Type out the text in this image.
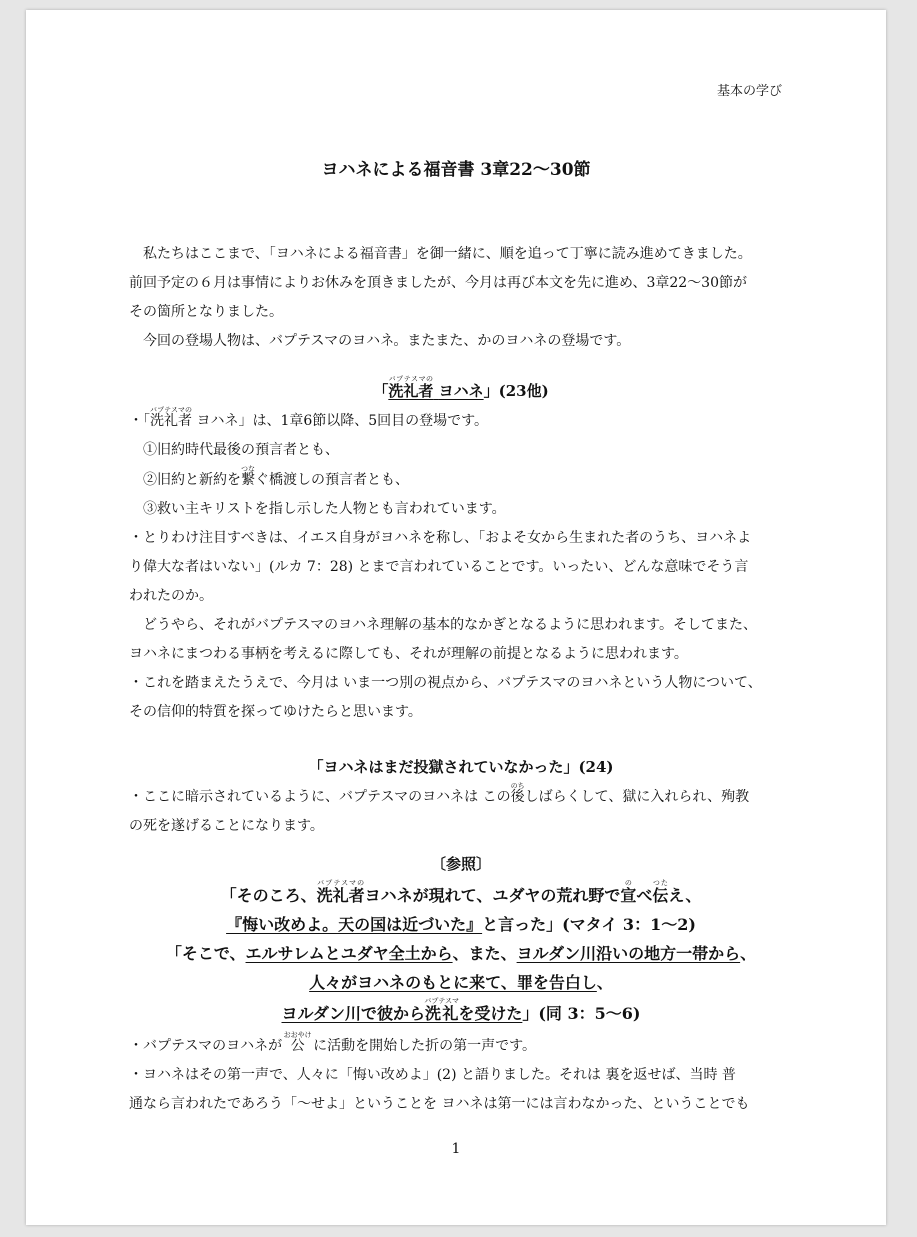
基本の学び
ヨハネによる福音書 3章22〜30節
　私たちはここまで、「ヨハネによる福音書」を御一緒に、順を追って丁寧に読み進めてきました。
前回予定の６月は事情によりお休みを頂きましたが、今月は再び本文を先に進め、3章22〜30節が
その箇所となりました。
　今回の登場人物は、バプテスマのヨハネ。またまた、かのヨハネの登場です。
「洗礼者バプテスマの ヨハネ」(23他)
・「洗礼者バプテスマの ヨハネ」は、1章6節以降、5回目の登場です。
①旧約時代最後の預言者とも、
②旧約と新約を繋つなぐ橋渡しの預言者とも、
③救い主キリストを指し示した人物とも言われています。
・とりわけ注目すべきは、イエス自身がヨハネを称し、「およそ女から生まれた者のうち、ヨハネよ
り偉大な者はいない」(ルカ 7：28) とまで言われていることです。いったい、どんな意味でそう言
われたのか。
　どうやら、それがバプテスマのヨハネ理解の基本的なかぎとなるように思われます。そしてまた、
ヨハネにまつわる事柄を考えるに際しても、それが理解の前提となるように思われます。
・これを踏まえたうえで、今月は いま一つ別の視点から、バプテスマのヨハネという人物について、
その信仰的特質を探ってゆけたらと思います。
「ヨハネはまだ投獄されていなかった」(24)
・ここに暗示されているように、バプテスマのヨハネは この後のちしばらくして、獄に入れられ、殉教
の死を遂げることになります。
〔参照〕
「そのころ、洗礼者バプテスマのヨハネが現れて、ユダヤの荒れ野で宣のべ伝つたえ、
『悔い改めよ。天の国は近づいた』と言った」(マタイ 3：1〜2)
「そこで、エルサレムとユダヤ全土から、また、ヨルダン川沿いの地方一帯から、
人々がヨハネのもとに来て、罪を告白し、
ヨルダン川で彼から洗礼バプテスマを受けた」(同 3：5〜6)
・バプテスマのヨハネが 公おおやけ に活動を開始した折の第一声です。
・ヨハネはその第一声で、人々に「悔い改めよ」(2) と語りました。それは 裏を返せば、当時 普
通なら言われたであろう「〜せよ」ということを ヨハネは第一には言わなかった、ということでも
1
